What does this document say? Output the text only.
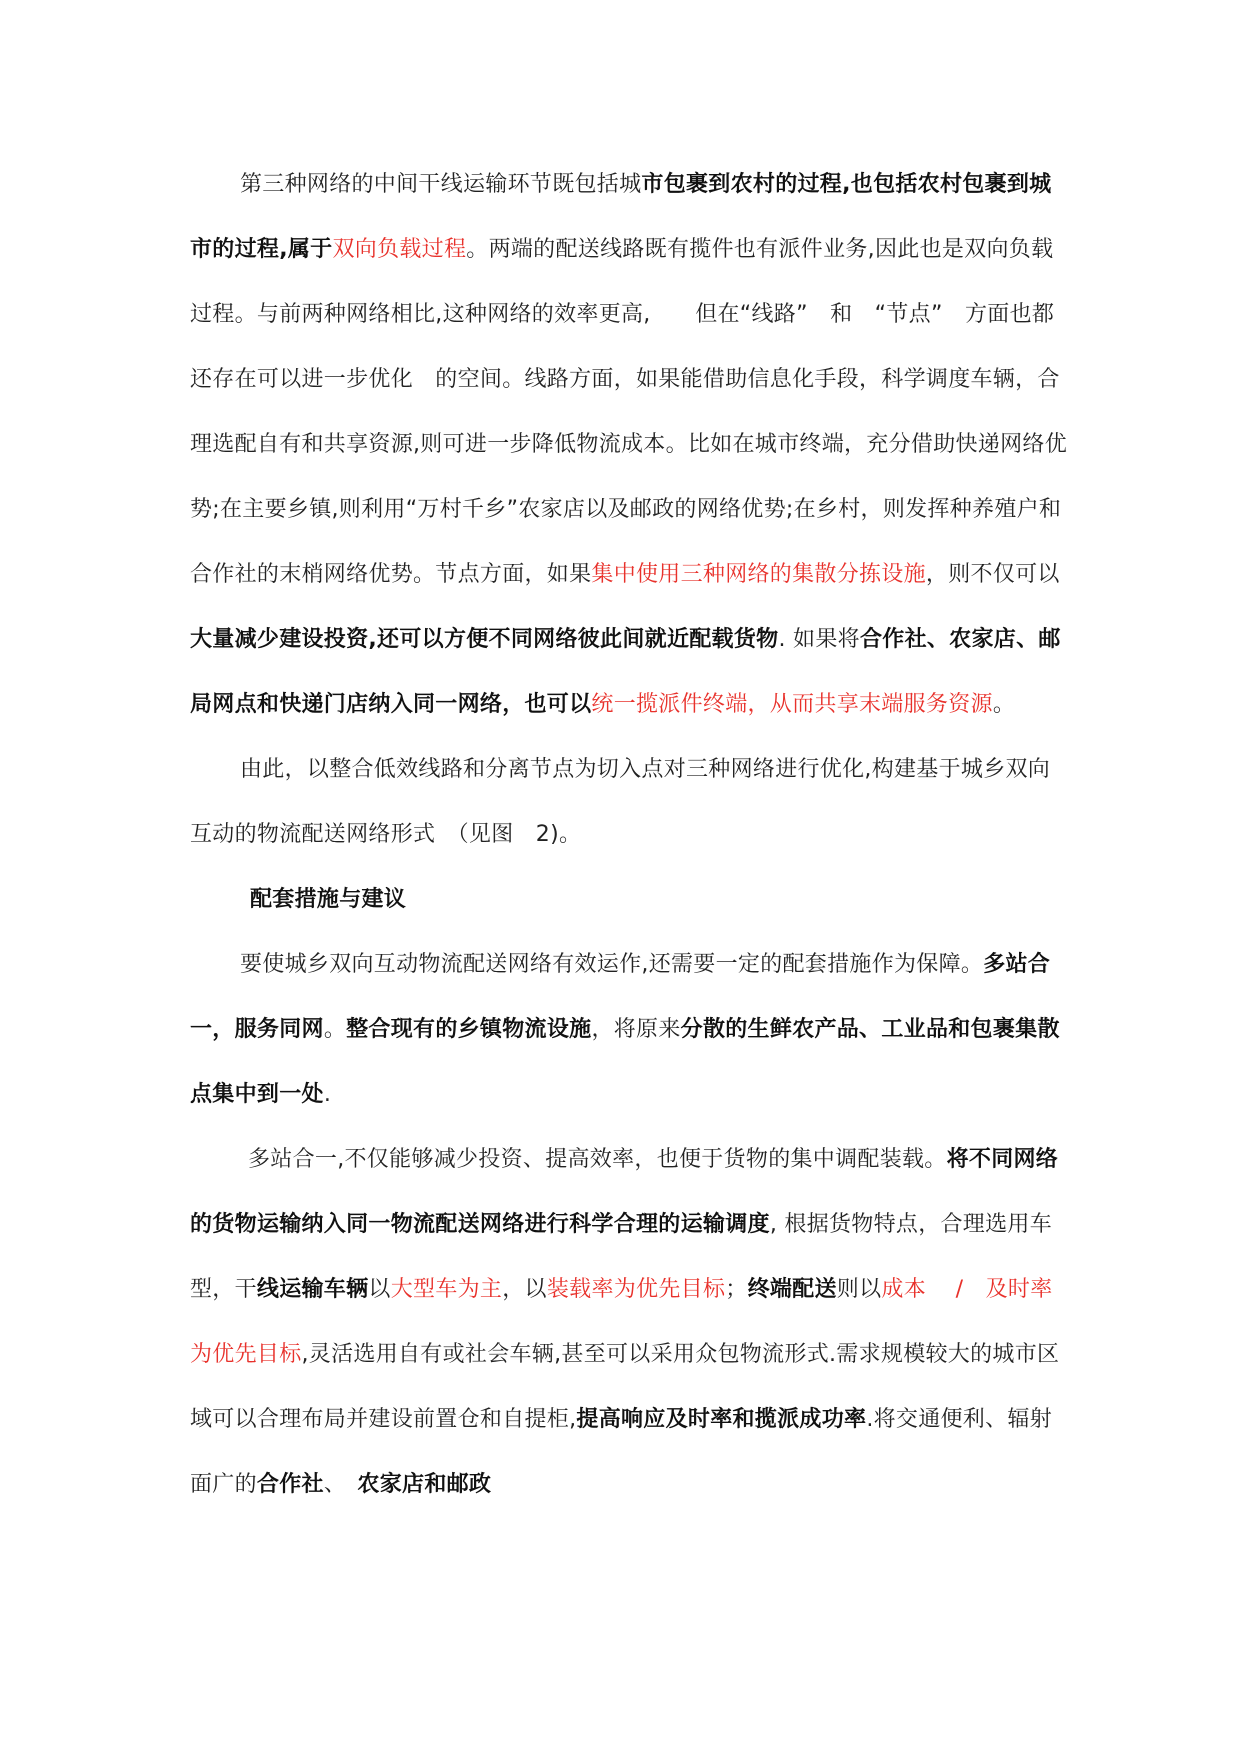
第三种网络的中间干线运输环节既包括城市包裹到农村的过程,也包括农村包裹到城市的过程,属于双向负载过程。两端的配送线路既有揽件也有派件业务,因此也是双向负载过程。与前两种网络相比,这种网络的效率更高,　　但在“线路”　和　“节点”　方面也都还存在可以进一步优化　的空间。线路方面，如果能借助信息化手段，科学调度车辆，合理选配自有和共享资源,则可进一步降低物流成本。比如在城市终端，充分借助快递网络优势;在主要乡镇,则利用“万村千乡”农家店以及邮政的网络优势;在乡村，则发挥种养殖户和合作社的末梢网络优势。节点方面，如果集中使用三种网络的集散分拣设施，则不仅可以大量减少建设投资,还可以方便不同网络彼此间就近配载货物. 如果将合作社、农家店、邮局网点和快递门店纳入同一网络，也可以统一揽派件终端，从而共享末端服务资源。

由此，以整合低效线路和分离节点为切入点对三种网络进行优化,构建基于城乡双向互动的物流配送网络形式　（见图　2)。

配套措施与建议

要使城乡双向互动物流配送网络有效运作,还需要一定的配套措施作为保障。多站合一，服务同网。整合现有的乡镇物流设施，将原来分散的生鲜农产品、工业品和包裹集散点集中到一处.

多站合一,不仅能够减少投资、提高效率，也便于货物的集中调配装载。将不同网络的货物运输纳入同一物流配送网络进行科学合理的运输调度, 根据货物特点，合理选用车型，干线运输车辆以大型车为主，以装载率为优先目标；终端配送则以成本　 /　及时率为优先目标,灵活选用自有或社会车辆,甚至可以采用众包物流形式.需求规模较大的城市区域可以合理布局并建设前置仓和自提柜,提高响应及时率和揽派成功率.将交通便利、辐射面广的合作社、　农家店和邮政
